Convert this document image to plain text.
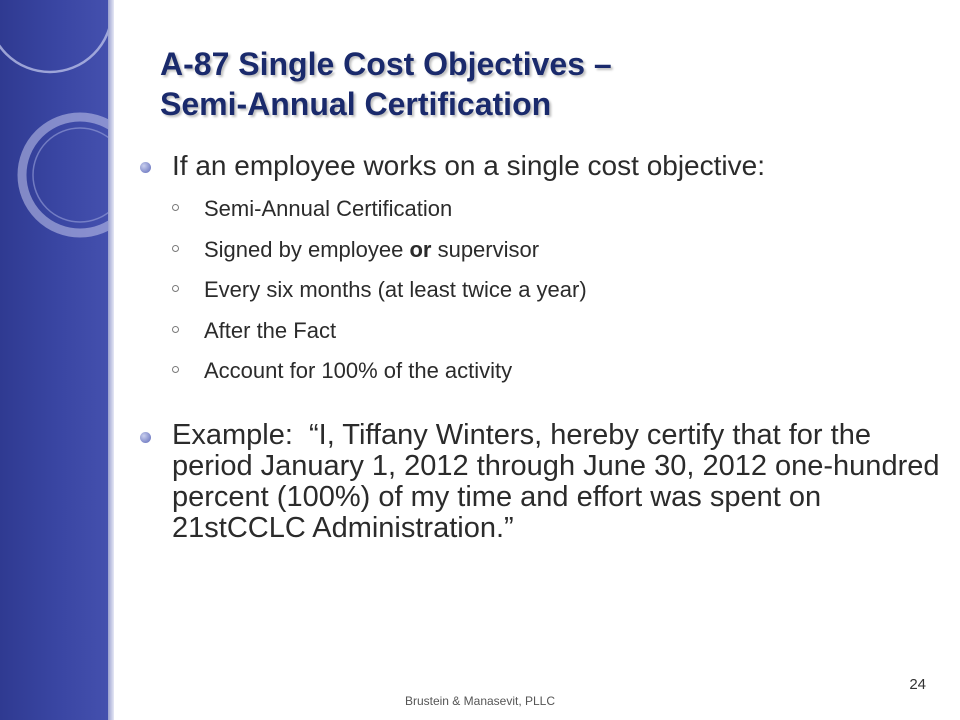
A-87 Single Cost Objectives –
Semi-Annual Certification
If an employee works on a single cost objective:
Semi-Annual Certification
Signed by employee or supervisor
Every six months (at least twice a year)
After the Fact
Account for 100% of the activity
Example:  “I, Tiffany Winters, hereby certify that for the period January 1, 2012 through June 30, 2012 one-hundred percent (100%) of my time and effort was spent on 21stCCLC Administration.”
Brustein & Manasevit, PLLC
24
